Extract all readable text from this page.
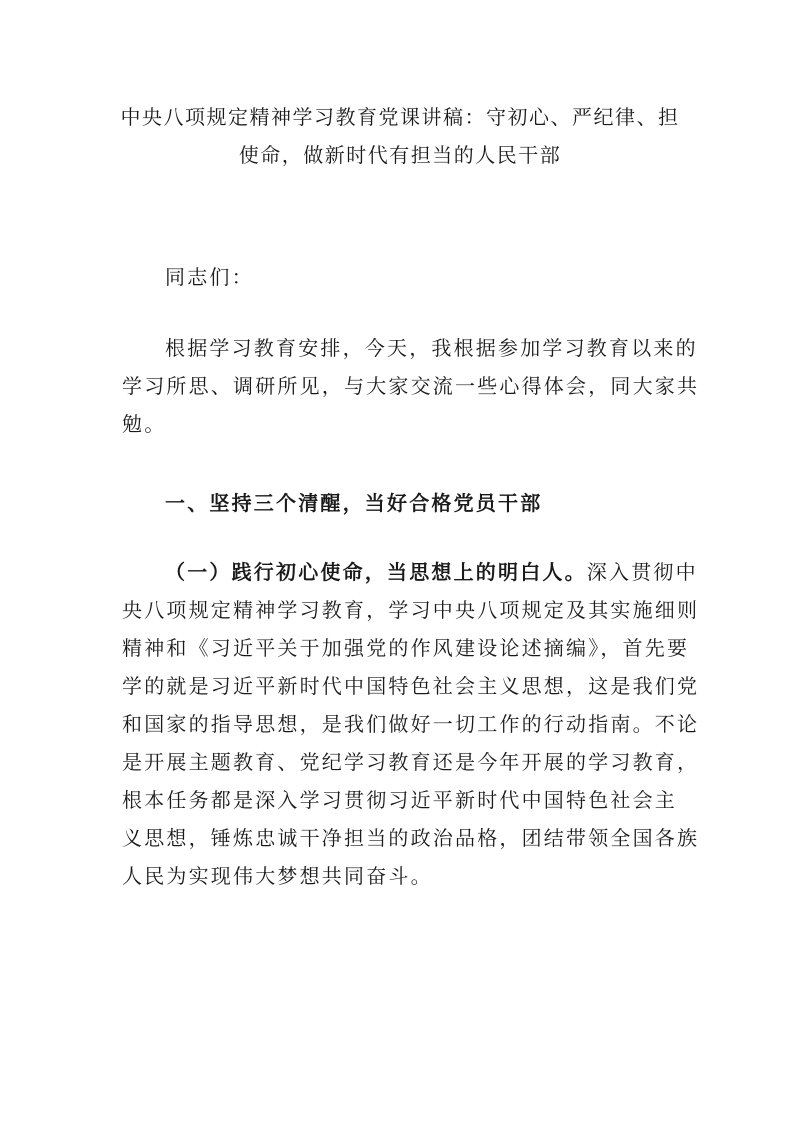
中央八项规定精神学习教育党课讲稿：守初心、严纪律、担
使命，做新时代有担当的人民干部
同志们：
根据学习教育安排，今天，我根据参加学习教育以来的
学习所思、调研所见，与大家交流一些心得体会，同大家共
勉。
一、坚持三个清醒，当好合格党员干部
（一）践行初心使命，当思想上的明白人。深入贯彻中
央八项规定精神学习教育，学习中央八项规定及其实施细则
精神和《习近平关于加强党的作风建设论述摘编》，首先要
学的就是习近平新时代中国特色社会主义思想，这是我们党
和国家的指导思想，是我们做好一切工作的行动指南。不论
是开展主题教育、党纪学习教育还是今年开展的学习教育，
根本任务都是深入学习贯彻习近平新时代中国特色社会主
义思想，锤炼忠诚干净担当的政治品格，团结带领全国各族
人民为实现伟大梦想共同奋斗。
